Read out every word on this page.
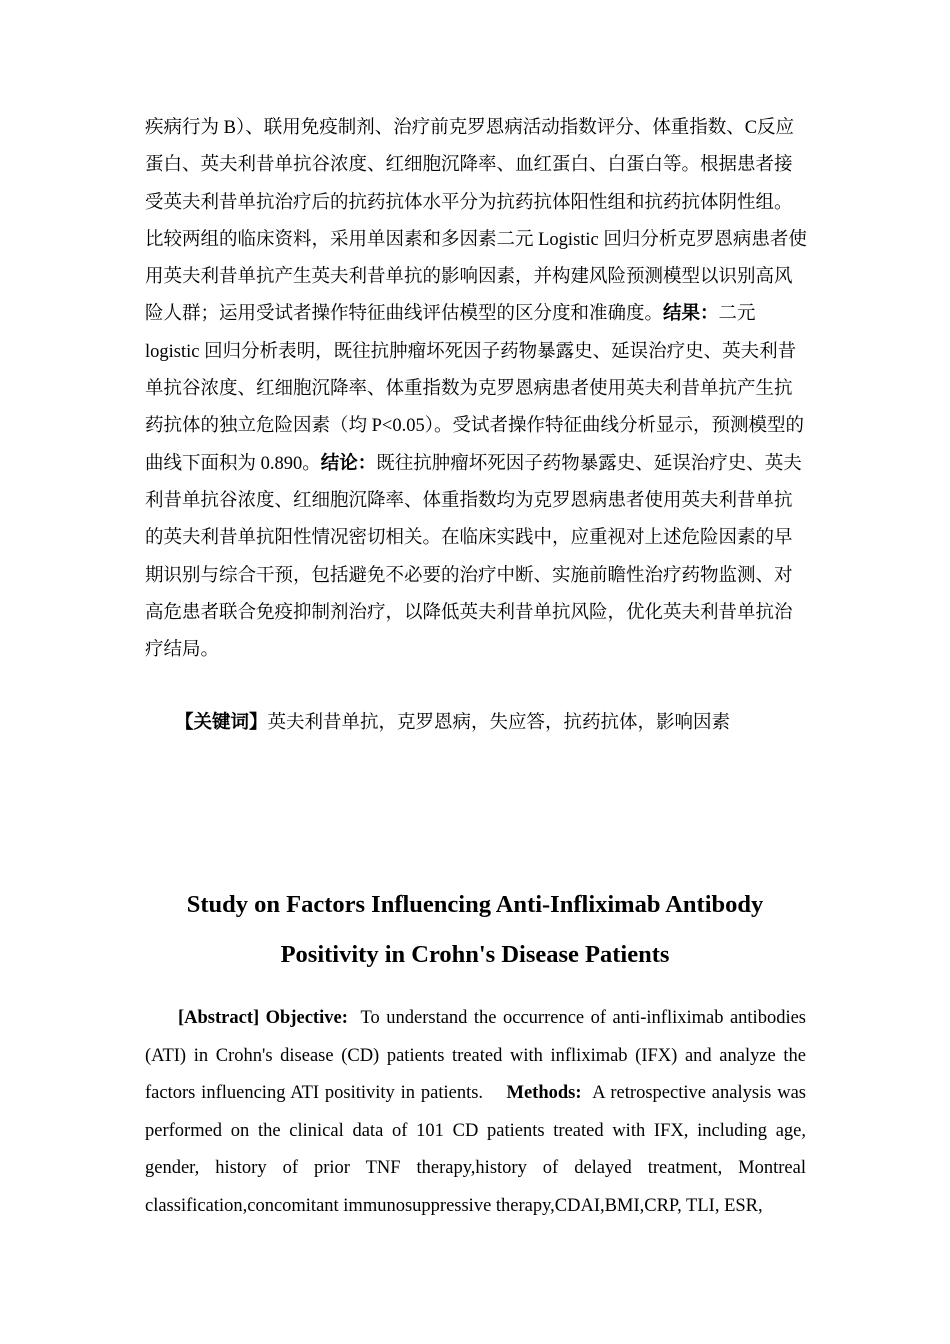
疾病行为 B）、联用免疫制剂、治疗前克罗恩病活动指数评分、体重指数、C反应蛋白、英夫利昔单抗谷浓度、红细胞沉降率、血红蛋白、白蛋白等。根据患者接受英夫利昔单抗治疗后的抗药抗体水平分为抗药抗体阳性组和抗药抗体阴性组。比较两组的临床资料，采用单因素和多因素二元 Logistic 回归分析克罗恩病患者使用英夫利昔单抗产生英夫利昔单抗的影响因素，并构建风险预测模型以识别高风险人群；运用受试者操作特征曲线评估模型的区分度和准确度。结果：二元 logistic 回归分析表明，既往抗肿瘤坏死因子药物暴露史、延误治疗史、英夫利昔单抗谷浓度、红细胞沉降率、体重指数为克罗恩病患者使用英夫利昔单抗产生抗药抗体的独立危险因素（均 P<0.05）。受试者操作特征曲线分析显示，预测模型的曲线下面积为 0.890。结论：既往抗肿瘤坏死因子药物暴露史、延误治疗史、英夫利昔单抗谷浓度、红细胞沉降率、体重指数均为克罗恩病患者使用英夫利昔单抗的英夫利昔单抗阳性情况密切相关。在临床实践中，应重视对上述危险因素的早期识别与综合干预，包括避免不必要的治疗中断、实施前瞻性治疗药物监测、对高危患者联合免疫抑制剂治疗，以降低英夫利昔单抗风险，优化英夫利昔单抗治疗结局。

【关键词】英夫利昔单抗，克罗恩病，失应答，抗药抗体，影响因素
Study on Factors Influencing Anti-Infliximab Antibody
Positivity in Crohn's Disease Patients

[Abstract] Objective: To understand the occurrence of anti-infliximab antibodies (ATI) in Crohn's disease (CD) patients treated with infliximab (IFX) and analyze the factors influencing ATI positivity in patients. Methods: A retrospective analysis was performed on the clinical data of 101 CD patients treated with IFX, including age, gender, history of prior TNF therapy,history of delayed treatment, Montreal classification,concomitant immunosuppressive therapy,CDAI,BMI,CRP, TLI, ESR,
